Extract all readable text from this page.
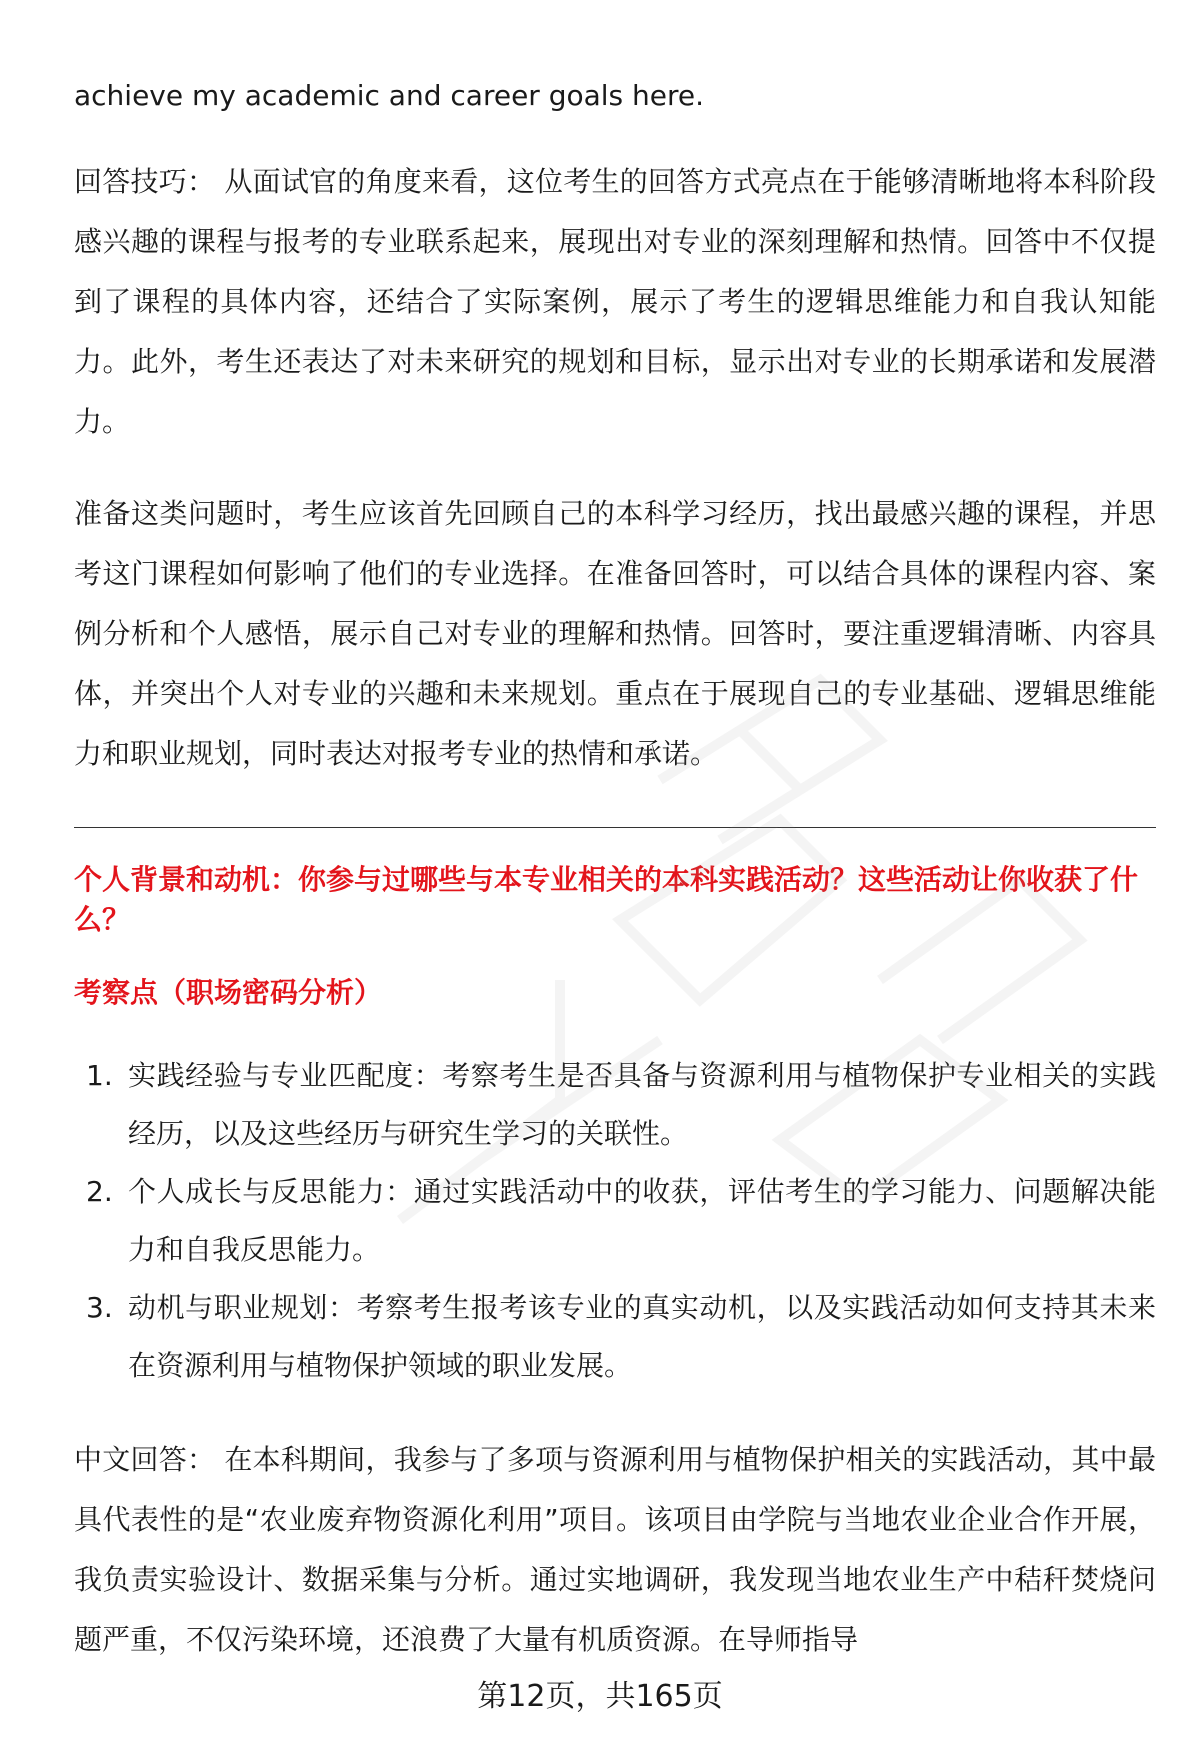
achieve my academic and career goals here.

回答技巧： 从面试官的角度来看，这位考生的回答方式亮点在于能够清晰地将本科阶段感兴趣的课程与报考的专业联系起来，展现出对专业的深刻理解和热情。回答中不仅提到了课程的具体内容，还结合了实际案例，展示了考生的逻辑思维能力和自我认知能力。此外，考生还表达了对未来研究的规划和目标，显示出对专业的长期承诺和发展潜力。

准备这类问题时，考生应该首先回顾自己的本科学习经历，找出最感兴趣的课程，并思考这门课程如何影响了他们的专业选择。在准备回答时，可以结合具体的课程内容、案例分析和个人感悟，展示自己对专业的理解和热情。回答时，要注重逻辑清晰、内容具体，并突出个人对专业的兴趣和未来规划。重点在于展现自己的专业基础、逻辑思维能力和职业规划，同时表达对报考专业的热情和承诺。

个人背景和动机：你参与过哪些与本专业相关的本科实践活动？这些活动让你收获了什么？
考察点（职场密码分析）
1. 实践经验与专业匹配度：考察考生是否具备与资源利用与植物保护专业相关的实践经历，以及这些经历与研究生学习的关联性。
2. 个人成长与反思能力：通过实践活动中的收获，评估考生的学习能力、问题解决能力和自我反思能力。
3. 动机与职业规划：考察考生报考该专业的真实动机，以及实践活动如何支持其未来在资源利用与植物保护领域的职业发展。

中文回答： 在本科期间，我参与了多项与资源利用与植物保护相关的实践活动，其中最具代表性的是“农业废弃物资源化利用”项目。该项目由学院与当地农业企业合作开展，我负责实验设计、数据采集与分析。通过实地调研，我发现当地农业生产中秸秆焚烧问题严重，不仅污染环境，还浪费了大量有机质资源。在导师指导

第12页，共165页
